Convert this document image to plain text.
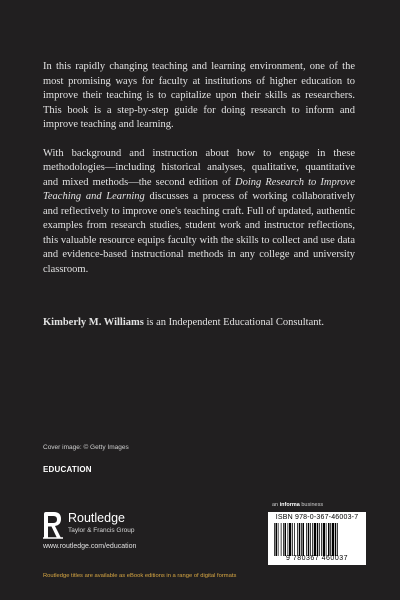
In this rapidly changing teaching and learning environment, one of the most promising ways for faculty at institutions of higher education to improve their teaching is to capitalize upon their skills as researchers. This book is a step-by-step guide for doing research to inform and improve teaching and learning.

With background and instruction about how to engage in these methodologies—including historical analyses, qualitative, quantitative and mixed methods—the second edition of Doing Research to Improve Teaching and Learning discusses a process of working collaboratively and reflectively to improve one's teaching craft. Full of updated, authentic examples from research studies, student work and instructor reflections, this valuable resource equips faculty with the skills to collect and use data and evidence-based instructional methods in any college and university classroom.

Kimberly M. Williams is an Independent Educational Consultant.
Cover image: © Getty Images
EDUCATION
an informa business
Routledge
Taylor & Francis Group
www.routledge.com/education
ISBN 978-0-367-46003-7
9 780367 460037
Routledge titles are available as eBook editions in a range of digital formats
